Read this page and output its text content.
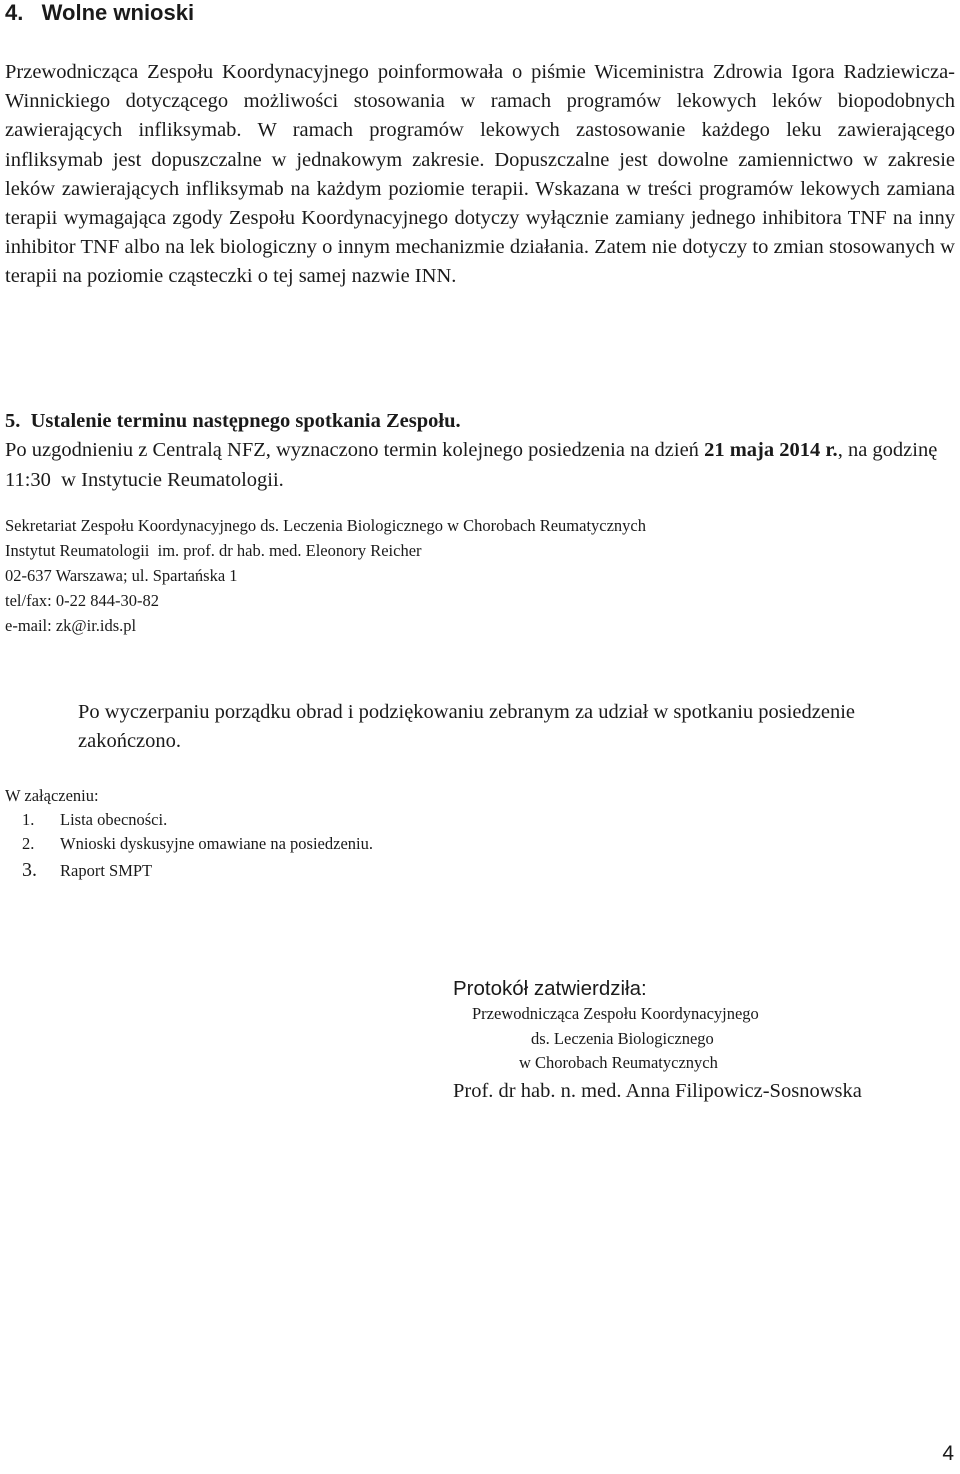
4.   Wolne wnioski
Przewodnicząca Zespołu Koordynacyjnego poinformowała o piśmie Wiceministra Zdrowia Igora Radziewicza-Winnickiego dotyczącego możliwości stosowania w ramach programów lekowych leków biopodobnych zawierających infliksymab. W ramach programów lekowych zastosowanie każdego leku zawierającego infliksymab jest dopuszczalne w jednakowym zakresie. Dopuszczalne jest dowolne zamiennictwo w zakresie leków zawierających infliksymab na każdym poziomie terapii. Wskazana w treści programów lekowych zamiana terapii wymagająca zgody Zespołu Koordynacyjnego dotyczy wyłącznie zamiany jednego inhibitora TNF na inny inhibitor TNF albo na lek biologiczny o innym mechanizmie działania. Zatem nie dotyczy to zmian stosowanych w terapii na poziomie cząsteczki o tej samej nazwie INN.
5.  Ustalenie terminu następnego spotkania Zespołu.
Po uzgodnieniu z Centralą NFZ, wyznaczono termin kolejnego posiedzenia na dzień 21 maja 2014 r., na godzinę 11:30  w Instytucie Reumatologii.
Sekretariat Zespołu Koordynacyjnego ds. Leczenia Biologicznego w Chorobach Reumatycznych
Instytut Reumatologii  im. prof. dr hab. med. Eleonory Reicher
02-637 Warszawa; ul. Spartańska 1
tel/fax: 0-22 844-30-82
e-mail: zk@ir.ids.pl
Po wyczerpaniu porządku obrad i podziękowaniu zebranym za udział w spotkaniu posiedzenie zakończono.
W załączeniu:
1. Lista obecności.
2. Wnioski dyskusyjne omawiane na posiedzeniu.
3. Raport SMPT
Protokół zatwierdziła:
Przewodnicząca Zespołu Koordynacyjnego
ds. Leczenia Biologicznego
w Chorobach Reumatycznych
Prof. dr hab. n. med. Anna Filipowicz-Sosnowska
4
